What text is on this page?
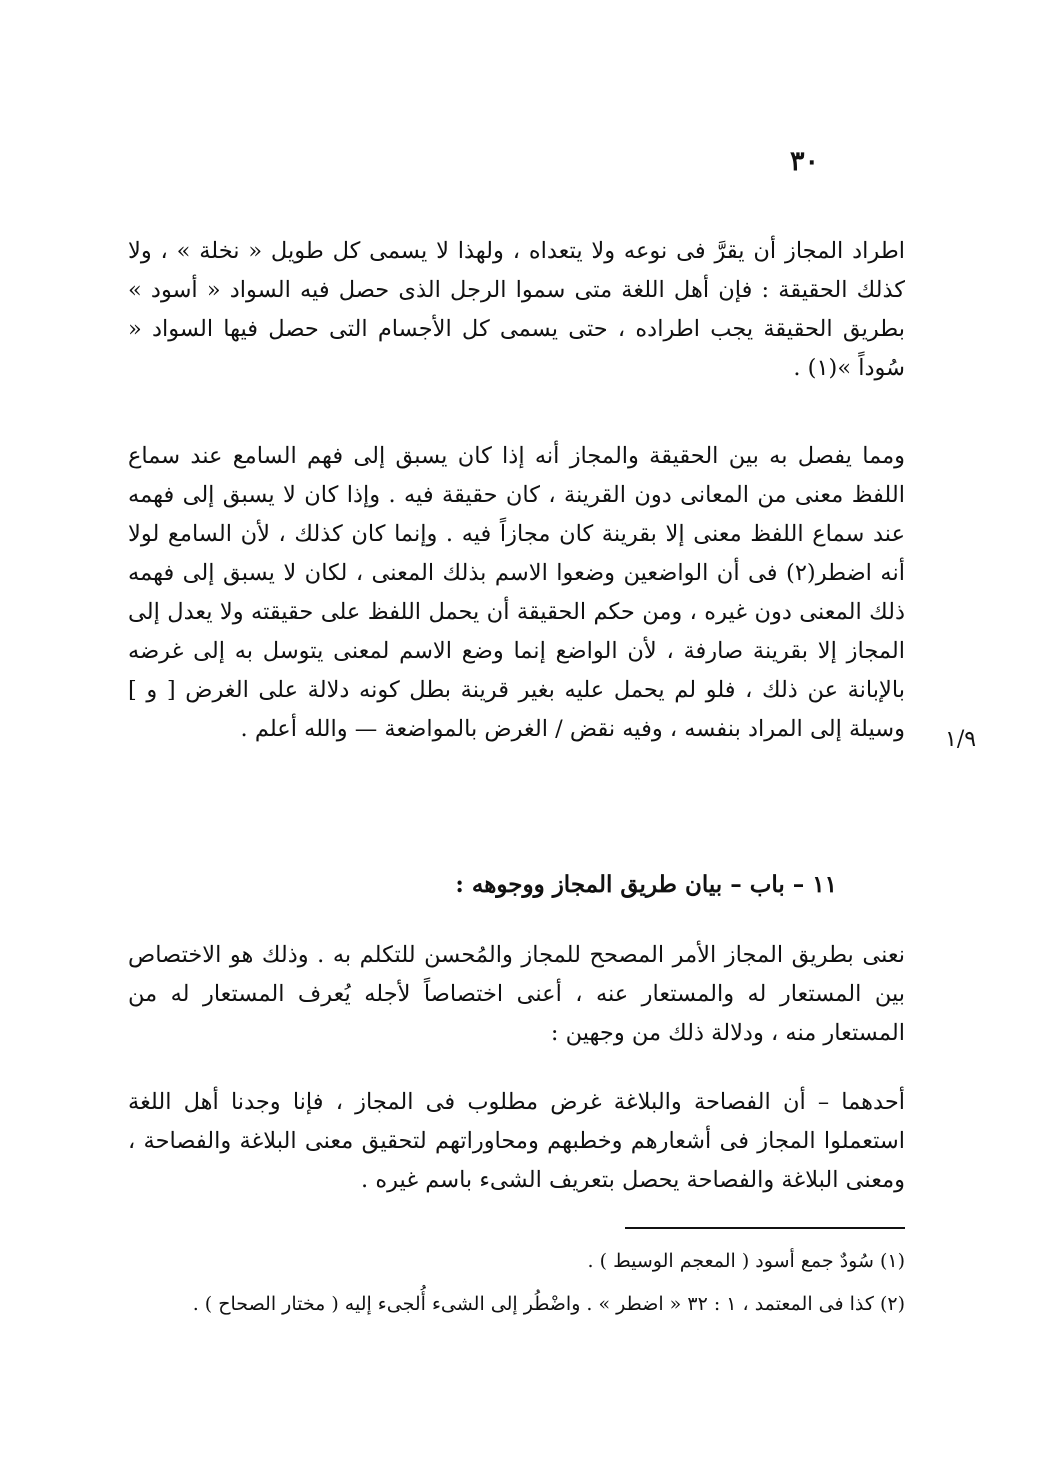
٣٠

اطراد المجاز أن يقرَّ فى نوعه ولا يتعداه ، ولهذا لا يسمى كل طويل « نخلة » ، ولا كذلك الحقيقة : فإن أهل اللغة متى سموا الرجل الذى حصل فيه السواد « أسود » بطريق الحقيقة يجب اطراده ، حتى يسمى كل الأجسام التى حصل فيها السواد « سُوداً »(١) .

ومما يفصل به بين الحقيقة والمجاز أنه إذا كان يسبق إلى فهم السامع عند سماع اللفظ معنى من المعانى دون القرينة ، كان حقيقة فيه . وإذا كان لا يسبق إلى فهمه عند سماع اللفظ معنى إلا بقرينة كان مجازاً فيه . وإنما كان كذلك ، لأن السامع لولا أنه اضطر(٢) فى أن الواضعين وضعوا الاسم بذلك المعنى ، لكان لا يسبق إلى فهمه ذلك المعنى دون غيره ، ومن حكم الحقيقة أن يحمل اللفظ على حقيقته ولا يعدل إلى المجاز إلا بقرينة صارفة ، لأن الواضع إنما وضع الاسم لمعنى يتوسل به إلى غرضه بالإبانة عن ذلك ، فلو لم يحمل عليه بغير قرينة بطل كونه دلالة على الغرض [ و ] وسيلة إلى المراد بنفسه ، وفيه نقض / الغرض بالمواضعة — والله أعلم . ١/٩

١١ – باب – بيان طريق المجاز ووجوهه :

نعنى بطريق المجاز الأمر المصحح للمجاز والمُحسن للتكلم به . وذلك هو الاختصاص بين المستعار له والمستعار عنه ، أعنى اختصاصاً لأجله يُعرف المستعار له من المستعار منه ، ودلالة ذلك من وجهين :

أحدهما – أن الفصاحة والبلاغة غرض مطلوب فى المجاز ، فإنا وجدنا أهل اللغة استعملوا المجاز فى أشعارهم وخطبهم ومحاوراتهم لتحقيق معنى البلاغة والفصاحة ، ومعنى البلاغة والفصاحة يحصل بتعريف الشىء باسم غيره .

(١) سُودٌ جمع أسود ( المعجم الوسيط ) .

(٢) كذا فى المعتمد ، ١ : ٣٢ « اضطر » . واضْطُر إلى الشىء أُلجىء إليه ( مختار الصحاح ) .
